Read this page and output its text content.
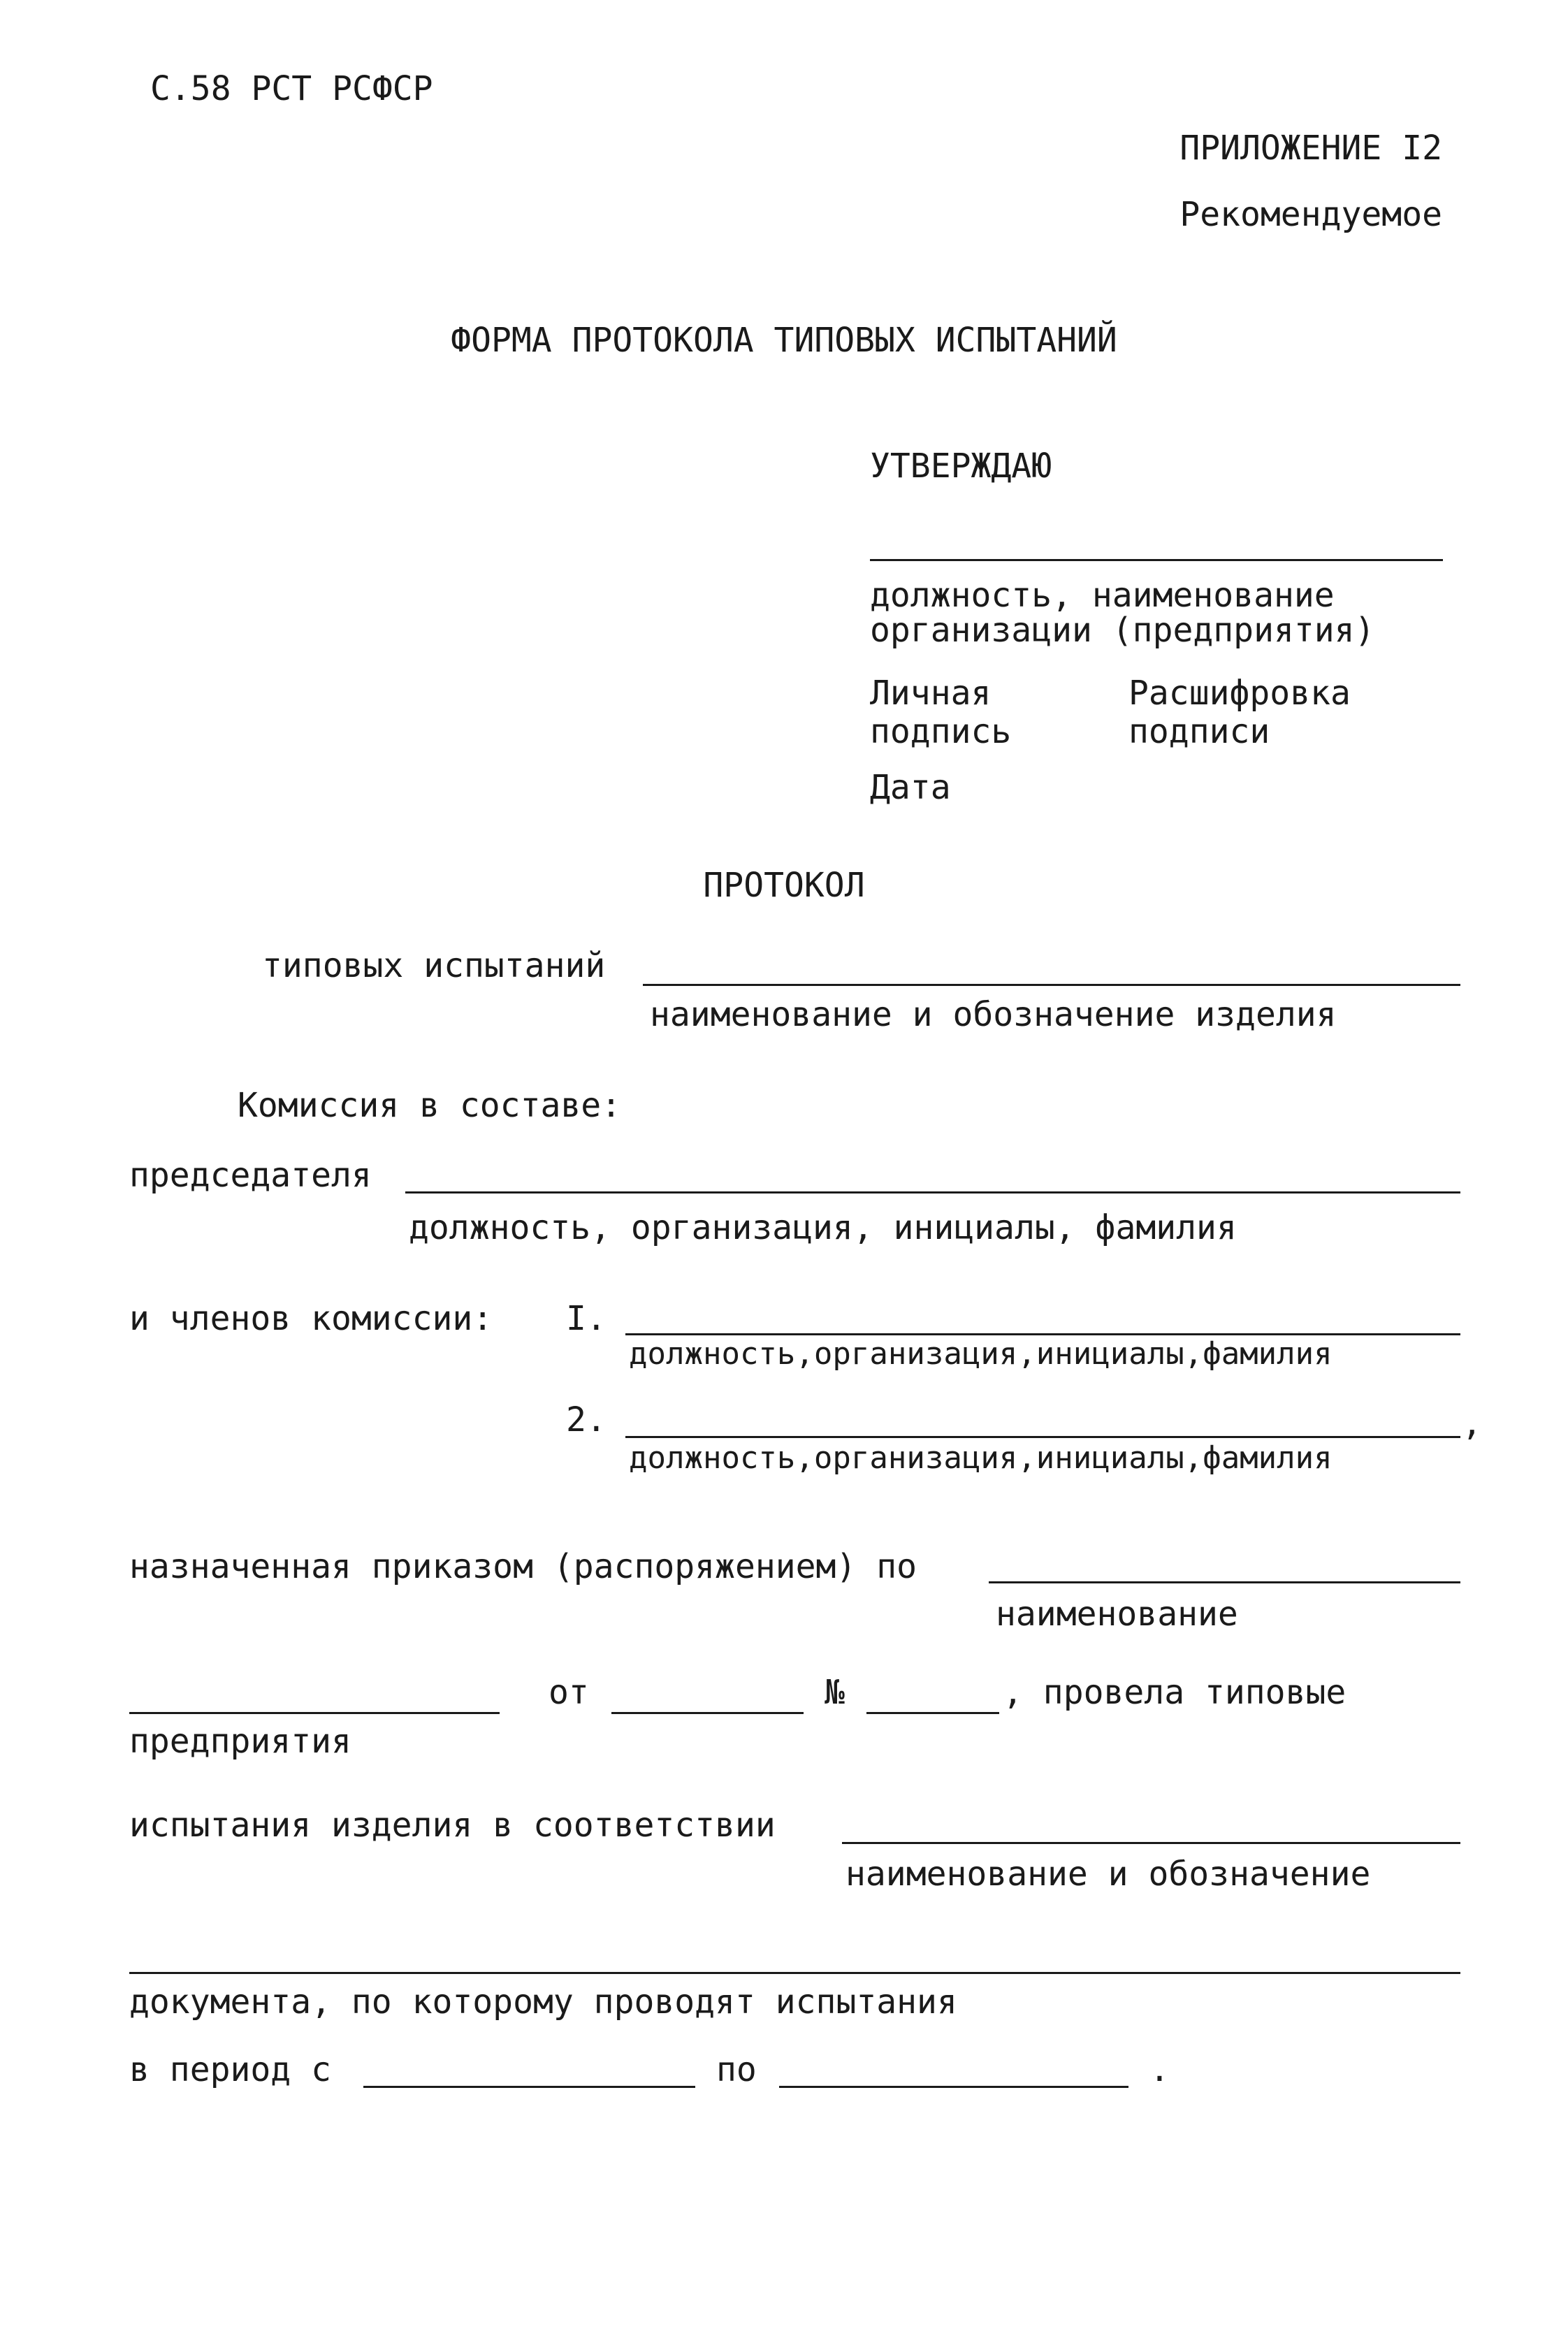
С.58 РСТ РСФСР
ПРИЛОЖЕНИЕ I2
Рекомендуемое
ФОРМА ПРОТОКОЛА ТИПОВЫХ ИСПЫТАНИЙ
УТВЕРЖДАЮ
должность, наименование
организации (предприятия)
Личная
подпись
Расшифровка
подписи
Дата
ПРОТОКОЛ
типовых испытаний
наименование и обозначение изделия
Комиссия в составе:
председателя
должность, организация, инициалы, фамилия
и членов комиссии: I.
должность,организация,инициалы,фамилия
2.	,
должность,организация,инициалы,фамилия
назначенная приказом (распоряжением) по
наименование
от	№	, провела типовые
предприятия
испытания изделия в соответствии
наименование и обозначение
документа, по которому проводят испытания
в период с	по	.
